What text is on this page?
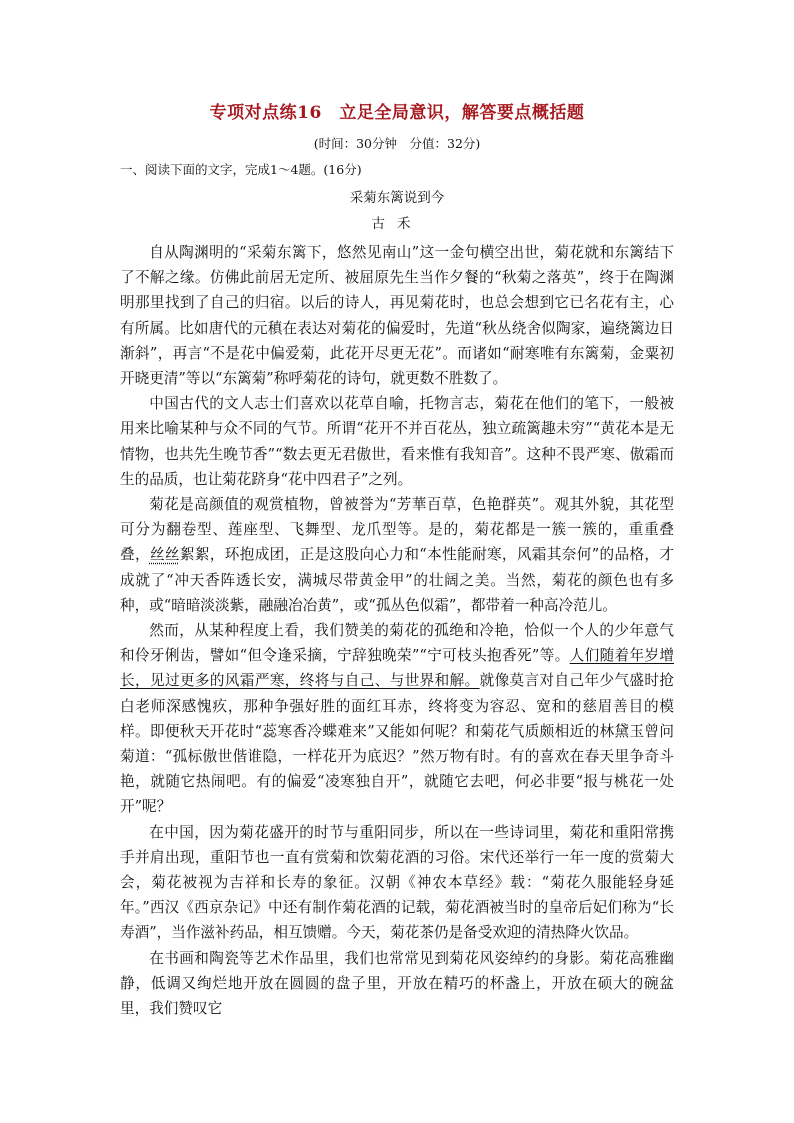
专项对点练16　立足全局意识，解答要点概括题
(时间：30分钟　分值：32分)
一、阅读下面的文字，完成1～4题。(16分)
采菊东篱说到今
古禾

自从陶渊明的“采菊东篱下，悠然见南山”这一金句横空出世，菊花就和东篱结下了不解之缘。仿佛此前居无定所、被屈原先生当作夕餐的“秋菊之落英”，终于在陶渊明那里找到了自己的归宿。以后的诗人，再见菊花时，也总会想到它已名花有主，心有所属。比如唐代的元稹在表达对菊花的偏爱时，先道“秋丛绕舍似陶家，遍绕篱边日渐斜”，再言“不是花中偏爱菊，此花开尽更无花”。而诸如“耐寒唯有东篱菊，金粟初开晓更清”等以“东篱菊”称呼菊花的诗句，就更数不胜数了。

中国古代的文人志士们喜欢以花草自喻，托物言志，菊花在他们的笔下，一般被用来比喻某种与众不同的气节。所谓“花开不并百花丛，独立疏篱趣未穷”“黄花本是无情物，也共先生晚节香”“数去更无君傲世，看来惟有我知音”。这种不畏严寒、傲霜而生的品质，也让菊花跻身“花中四君子”之列。

菊花是高颜值的观赏植物，曾被誉为“芳華百草，色艳群英”。观其外貌，其花型可分为翻卷型、莲座型、飞舞型、龙爪型等。是的，菊花都是一簇一簇的，重重叠叠，丝丝絮絮，环抱成团，正是这股向心力和“本性能耐寒，风霜其奈何”的品格，才成就了“冲天香阵透长安，满城尽带黄金甲”的壮阔之美。当然，菊花的颜色也有多种，或“暗暗淡淡紫，融融冶冶黄”，或“孤丛色似霜”，都带着一种高冷范儿。

然而，从某种程度上看，我们赞美的菊花的孤绝和冷艳，恰似一个人的少年意气和伶牙俐齿，譬如“但令逢采摘，宁辞独晚荣”“宁可枝头抱香死”等。人们随着年岁增长，见过更多的风霜严寒，终将与自己、与世界和解。就像莫言对自己年少气盛时抢白老师深感愧疚，那种争强好胜的面红耳赤，终将变为容忍、宽和的慈眉善目的模样。即便秋天开花时“蕊寒香冷蝶难来”又能如何呢？和菊花气质颇相近的林黛玉曾问菊道：“孤标傲世偕谁隐，一样花开为底迟？”然万物有时。有的喜欢在春天里争奇斗艳，就随它热闹吧。有的偏爱“凌寒独自开”，就随它去吧，何必非要“报与桃花一处开”呢？

在中国，因为菊花盛开的时节与重阳同步，所以在一些诗词里，菊花和重阳常携手并肩出现，重阳节也一直有赏菊和饮菊花酒的习俗。宋代还举行一年一度的赏菊大会，菊花被视为吉祥和长寿的象征。汉朝《神农本草经》载：“菊花久服能轻身延年。”西汉《西京杂记》中还有制作菊花酒的记载，菊花酒被当时的皇帝后妃们称为“长寿酒”，当作滋补药品，相互馈赠。今天，菊花茶仍是备受欢迎的清热降火饮品。

在书画和陶瓷等艺术作品里，我们也常常见到菊花风姿绰约的身影。菊花高雅幽静，低调又绚烂地开放在圆圆的盘子里，开放在精巧的杯盏上，开放在硕大的碗盆里，我们赞叹它
